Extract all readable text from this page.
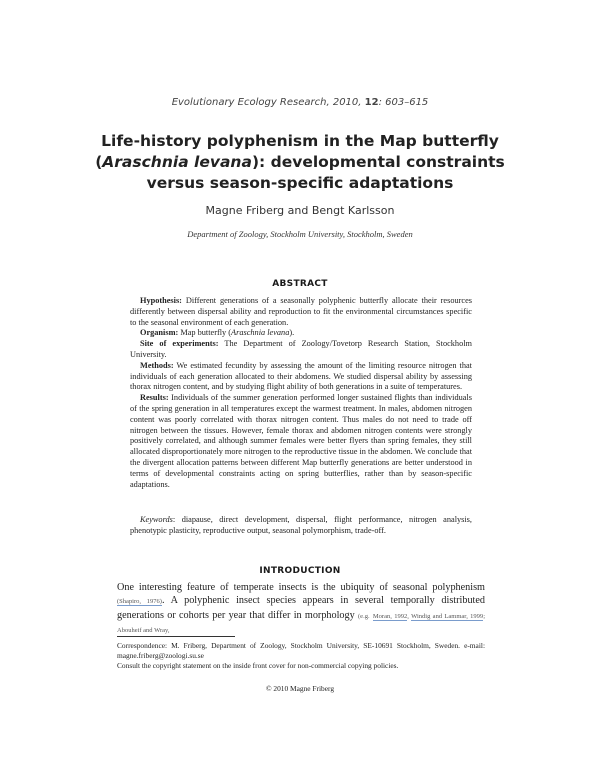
Evolutionary Ecology Research, 2010, 12: 603–615
Life-history polyphenism in the Map butterfly
(Araschnia levana): developmental constraints
versus season-specific adaptations
Magne Friberg and Bengt Karlsson
Department of Zoology, Stockholm University, Stockholm, Sweden
ABSTRACT

Hypothesis: Different generations of a seasonally polyphenic butterfly allocate their resources differently between dispersal ability and reproduction to fit the environmental circumstances specific to the seasonal environment of each generation.

Organism: Map butterfly (Araschnia levana).

Site of experiments: The Department of Zoology/Tovetorp Research Station, Stockholm University.

Methods: We estimated fecundity by assessing the amount of the limiting resource nitrogen that individuals of each generation allocated to their abdomens. We studied dispersal ability by assessing thorax nitrogen content, and by studying flight ability of both generations in a suite of temperatures.

Results: Individuals of the summer generation performed longer sustained flights than individuals of the spring generation in all temperatures except the warmest treatment. In males, abdomen nitrogen content was poorly correlated with thorax nitrogen content. Thus males do not need to trade off nitrogen between the tissues. However, female thorax and abdomen nitrogen contents were strongly positively correlated, and although summer females were better flyers than spring females, they still allocated disproportionately more nitrogen to the reproductive tissue in the abdomen. We conclude that the divergent allocation patterns between different Map butterfly generations are better understood in terms of developmental constraints acting on spring butterflies, rather than by season-specific adaptations.

Keywords: diapause, direct development, dispersal, flight performance, nitrogen analysis, phenotypic plasticity, reproductive output, seasonal polymorphism, trade-off.
INTRODUCTION
One interesting feature of temperate insects is the ubiquity of seasonal polyphenism (Shapiro, 1976). A polyphenic insect species appears in several temporally distributed generations or cohorts per year that differ in morphology (e.g. Moran, 1992, Windig and Lammar, 1999; Abouheif and Wray,

Correspondence: M. Friberg, Department of Zoology, Stockholm University, SE-10691 Stockholm, Sweden. e-mail: magne.friberg@zoologi.su.se

Consult the copyright statement on the inside front cover for non-commercial copying policies.

© 2010 Magne Friberg
